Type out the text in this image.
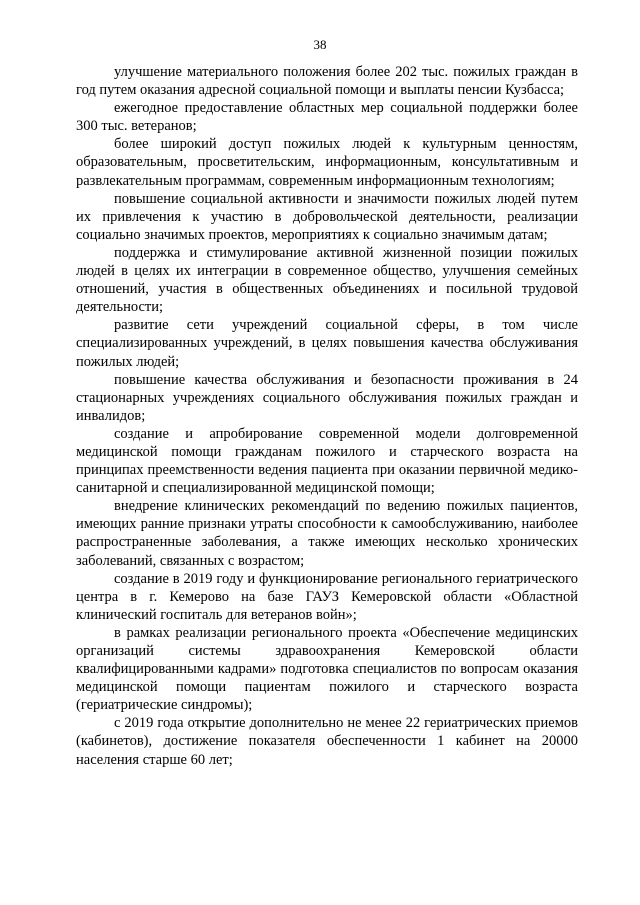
38

улучшение материального положения более 202 тыс. пожилых граждан в год путем оказания адресной социальной помощи и выплаты пенсии Кузбасса;

ежегодное предоставление областных мер социальной поддержки более 300 тыс. ветеранов;

более широкий доступ пожилых людей к культурным ценностям, образовательным, просветительским, информационным, консультативным и развлекательным программам, современным информационным технологиям;

повышение социальной активности и значимости пожилых людей путем их привлечения к участию в добровольческой деятельности, реализации социально значимых проектов, мероприятиях к социально значимым датам;

поддержка и стимулирование активной жизненной позиции пожилых людей в целях их интеграции в современное общество, улучшения семейных отношений, участия в общественных объединениях и посильной трудовой деятельности;

развитие сети учреждений социальной сферы, в том числе специализированных учреждений, в целях повышения качества обслуживания пожилых людей;

повышение качества обслуживания и безопасности проживания в 24 стационарных учреждениях социального обслуживания пожилых граждан и инвалидов;

создание и апробирование современной модели долговременной медицинской помощи гражданам пожилого и старческого возраста на принципах преемственности ведения пациента при оказании первичной медико-санитарной и специализированной медицинской помощи;

внедрение клинических рекомендаций по ведению пожилых пациентов, имеющих ранние признаки утраты способности к самообслуживанию, наиболее распространенные заболевания, а также имеющих несколько хронических заболеваний, связанных с возрастом;

создание в 2019 году и функционирование регионального гериатрического центра в г. Кемерово на базе ГАУЗ Кемеровской области «Областной клинический госпиталь для ветеранов войн»;

в рамках реализации регионального проекта «Обеспечение медицинских организаций системы здравоохранения Кемеровской области квалифицированными кадрами» подготовка специалистов по вопросам оказания медицинской помощи пациентам пожилого и старческого возраста (гериатрические синдромы);

с 2019 года открытие дополнительно не менее 22 гериатрических приемов (кабинетов), достижение показателя обеспеченности 1 кабинет на 20000 населения старше 60 лет;
